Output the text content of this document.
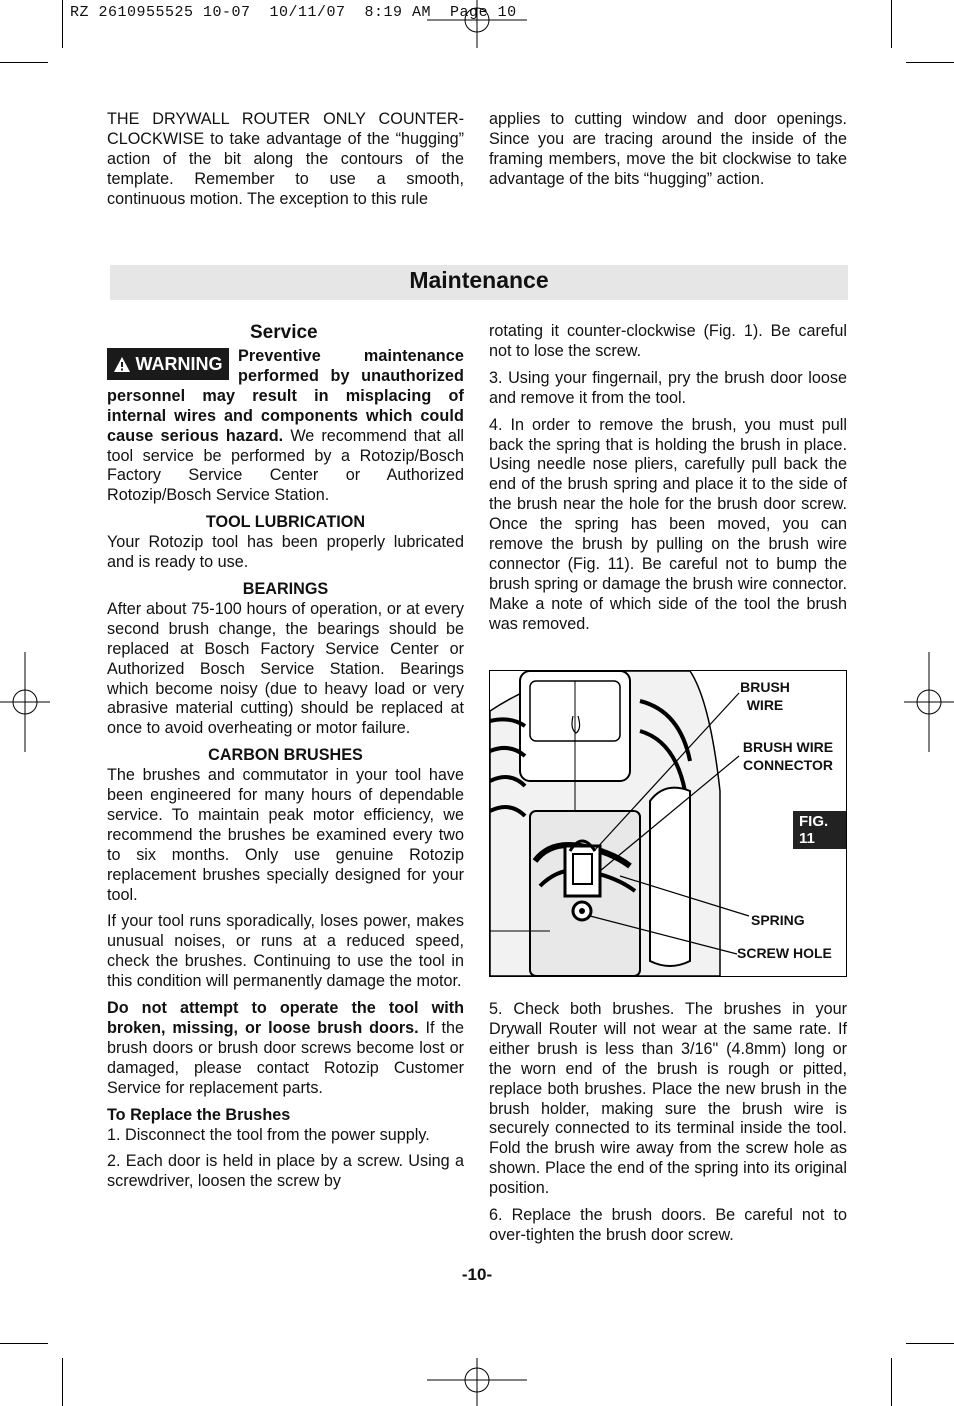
RZ 2610955525 10-07  10/11/07  8:19 AM  Page 10

THE DRYWALL ROUTER ONLY COUNTER-CLOCKWISE to take advantage of the “hugging” action of the bit along the contours of the template. Remember to use a smooth, continuous motion. The exception to this rule

applies to cutting window and door openings. Since you are tracing around the inside of the framing members, move the bit clockwise to take advantage of the bits “hugging” action.

Maintenance
WARNING

Service

Preventive maintenance performed by unauthorized personnel may result in misplacing of internal wires and components which could cause serious hazard. We recommend that all tool service be performed by a Rotozip/Bosch Factory Service Center or Authorized Rotozip/Bosch Service Station.

TOOL LUBRICATION

Your Rotozip tool has been properly lubricated and is ready to use.

BEARINGS

After about 75-100 hours of operation, or at every second brush change, the bearings should be replaced at Bosch Factory Service Center or Authorized Bosch Service Station. Bearings which become noisy (due to heavy load or very abrasive material cutting) should be replaced at once to avoid overheating or motor failure.

CARBON BRUSHES

The brushes and commutator in your tool have been engineered for many hours of dependable service. To maintain peak motor efficiency, we recommend the brushes be examined every two to six months. Only use genuine Rotozip replacement brushes specially designed for your tool.

If your tool runs sporadically, loses power, makes unusual noises, or runs at a reduced speed, check the brushes. Continuing to use the tool in this condition will permanently damage the motor.

Do not attempt to operate the tool with broken, missing, or loose brush doors. If the brush doors or brush door screws become lost or damaged, please contact Rotozip Customer Service for replacement parts.

To Replace the Brushes

1. Disconnect the tool from the power supply.

2. Each door is held in place by a screw. Using a screwdriver, loosen the screw by

rotating it counter-clockwise (Fig. 1). Be careful not to lose the screw.

3. Using your fingernail, pry the brush door loose and remove it from the tool.

4. In order to remove the brush, you must pull back the spring that is holding the brush in place. Using needle nose pliers, carefully pull back the end of the brush spring and place it to the side of the brush near the hole for the brush door screw. Once the spring has been moved, you can remove the brush by pulling on the brush wire connector (Fig. 11). Be careful not to bump the brush spring or damage the brush wire connector. Make a note of which side of the tool the brush was removed.

BRUSH
WIRE
BRUSH WIRE
CONNECTOR
FIG. 11
SPRING
SCREW HOLE

5. Check both brushes. The brushes in your Drywall Router will not wear at the same rate. If either brush is less than 3/16" (4.8mm) long or the worn end of the brush is rough or pitted, replace both brushes. Place the new brush in the brush holder, making sure the brush wire is securely connected to its terminal inside the tool. Fold the brush wire away from the screw hole as shown. Place the end of the spring into its original position.

6. Replace the brush doors. Be careful not to over-tighten the brush door screw.

-10-
